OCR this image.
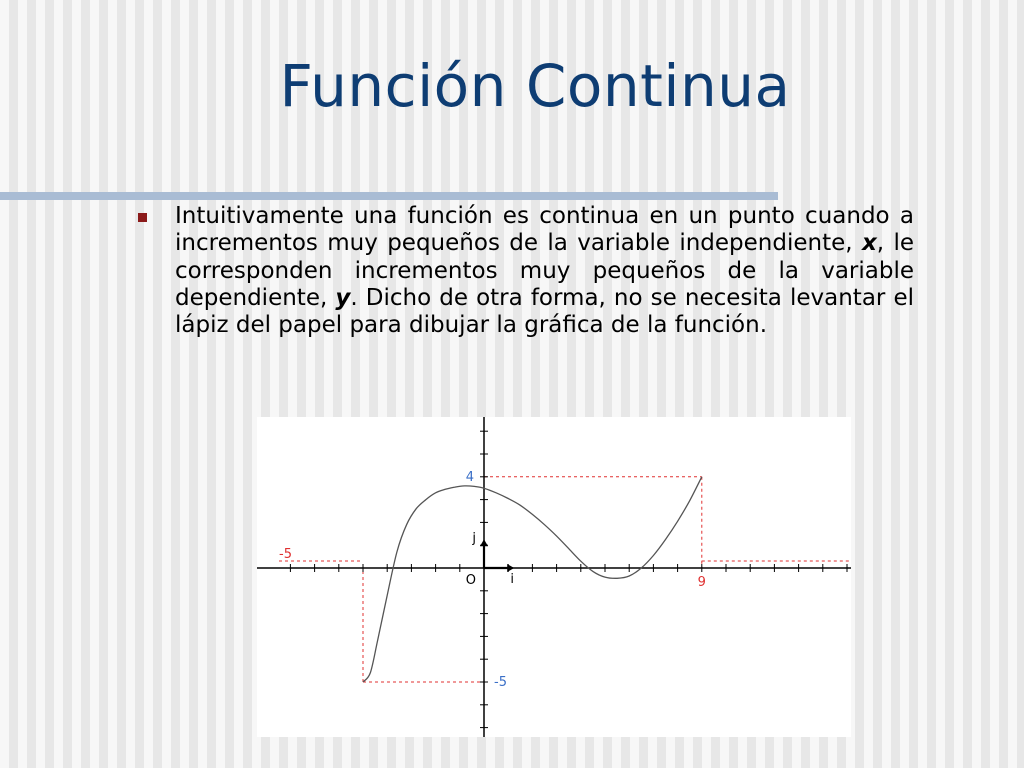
Función Continua

Intuitivamente una función es continua en un punto cuando a incrementos muy pequeños de la variable independiente, x, le corresponden incrementos muy pequeños de la variable dependiente, y. Dicho de otra forma, no se necesita levantar el lápiz del papel para dibujar la gráfica de la función.

-5
9
4
-5
O	i
j
